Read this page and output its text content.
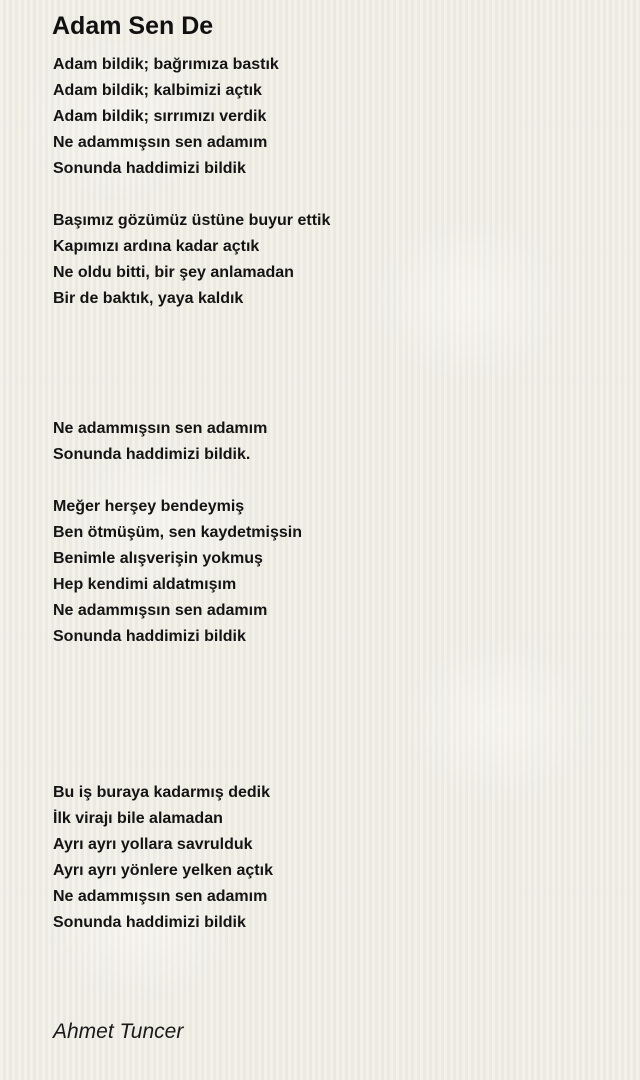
Adam Sen De
Adam bildik; bağrımıza bastık
Adam bildik; kalbimizi açtık
Adam bildik; sırrımızı verdik
Ne adammışsın sen adamım
Sonunda haddimizi bildik
Başımız gözümüz üstüne buyur ettik
Kapımızı ardına kadar açtık
Ne oldu bitti, bir şey anlamadan
Bir de baktık, yaya kaldık
Ne adammışsın sen adamım
Sonunda haddimizi bildik.
Meğer herşey bendeymiş
Ben ötmüşüm, sen kaydetmişsin
Benimle alışverişin yokmuş
Hep kendimi aldatmışım
Ne adammışsın sen adamım
Sonunda haddimizi bildik
Bu iş buraya kadarmış dedik
İlk virajı bile alamadan
Ayrı ayrı yollara savrulduk
Ayrı ayrı yönlere yelken açtık
Ne adammışsın sen adamım
Sonunda haddimizi bildik
Ahmet Tuncer
